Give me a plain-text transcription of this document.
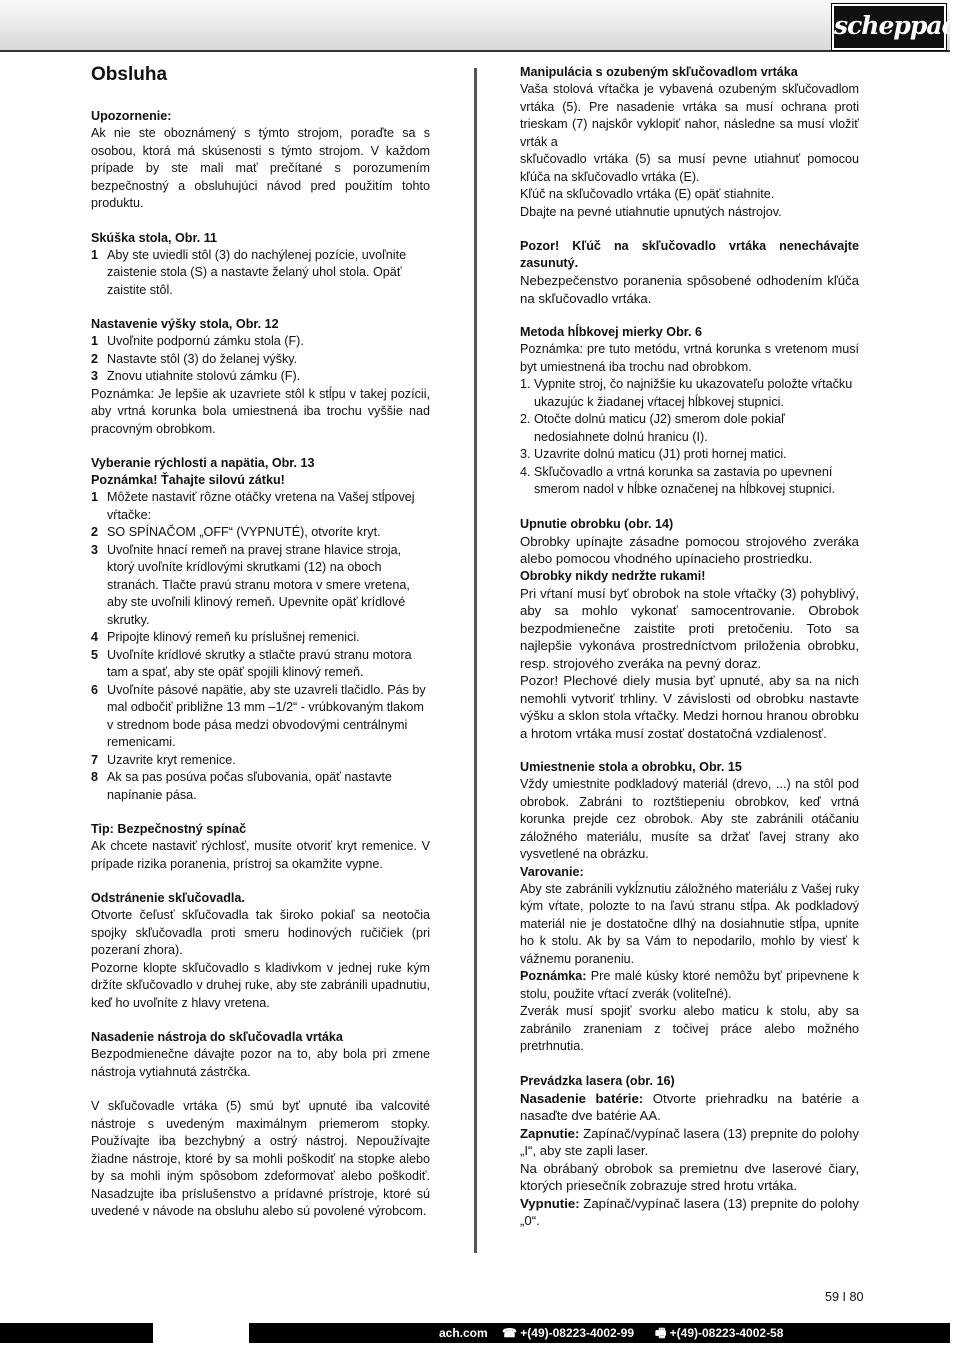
scheppach
Obsluha
Upozornenie:

Ak nie ste oboznámený s týmto strojom, poraďte sa s osobou, ktorá má skúsenosti s týmto strojom. V každom prípade by ste mali mať prečítané s porozumením bezpečnostný a obsluhujúci návod pred použitím tohto produktu.

Skúška stola, Obr. 11
1 Aby ste uviedli stôl (3) do nachýlenej pozície, uvoľnite zaistenie stola (S) a nastavte želaný uhol stola. Opäť zaistite stôl.
Nastavenie výšky stola, Obr. 12
1 Uvoľnite podpornú zámku stola (F).
2 Nastavte stôl (3) do želanej výšky.
3 Znovu utiahnite stolovú zámku (F).

Poznámka: Je lepšie ak uzavriete stôl k stĺpu v takej pozícii, aby vrtná korunka bola umiestnená iba trochu vyššie nad pracovným obrobkom.

Vyberanie rýchlosti a napätia, Obr. 13
Poznámka! Ťahajte silovú zátku!
1 Môžete nastaviť rôzne otáčky vretena na Vašej stĺpovej vŕtačke:
2 SO SPÍNAČOM „OFF“ (VYPNUTÉ), otvoríte kryt.
3 Uvoľnite hnací remeň na pravej strane hlavice stroja, ktorý uvoľníte krídlovými skrutkami (12) na oboch stranách. Tlačte pravú stranu motora v smere vretena, aby ste uvoľnili klinový remeň. Upevnite opäť krídlové skrutky.
4 Pripojte klinový remeň ku príslušnej remenici.
5 Uvoľníte krídlové skrutky a stlačte pravú stranu motora tam a spať, aby ste opäť spojili klinový remeň.
6 Uvoľníte pásové napätie, aby ste uzavreli tlačidlo. Pás by mal odbočiť približne 13 mm –1/2“ - vrúbkovaným tlakom v strednom bode pása medzi obvodovými centrálnymi remenicami.
7 Uzavrite kryt remenice.
8 Ak sa pas posúva počas sľubovania, opäť nastavte napínanie pása.
Tip: Bezpečnostný spínač

Ak chcete nastaviť rýchlosť, musíte otvoriť kryt remenice. V prípade rizika poranenia, prístroj sa okamžite vypne.

Odstránenie skľučovadla.

Otvorte čeľusť skľučovadla tak široko pokiaľ sa neotočia spojky skľučovadla proti smeru hodinových ručičiek (pri pozeraní zhora).

Pozorne klopte skľučovadlo s kladivkom v jednej ruke kým držíte skľučovadlo v druhej ruke, aby ste zabránili upadnutiu, keď ho uvoľníte z hlavy vretena.

Nasadenie nástroja do skľučovadla vrtáka

Bezpodmienečne dávajte pozor na to, aby bola pri zmene nástroja vytiahnutá zástrčka.

V skľučovadle vrtáka (5) smú byť upnuté iba valcovité nástroje s uvedeným maximálnym priemerom stopky. Používajte iba bezchybný a ostrý nástroj. Nepoužívajte žiadne nástroje, ktoré by sa mohli poškodiť na stopke alebo by sa mohli iným spôsobom zdeformovať alebo poškodiť. Nasadzujte iba príslušenstvo a prídavné prístroje, ktoré sú uvedené v návode na obsluhu alebo sú povolené výrobcom.

Manipulácia s ozubeným skľučovadlom vrtáka

Vaša stolová vŕtačka je vybavená ozubeným skľučovadlom vrtáka (5). Pre nasadenie vrtáka sa musí ochrana proti trieskam (7) najskôr vyklopiť nahor, následne sa musí vložiť vrták a

skľučovadlo vrtáka (5) sa musí pevne utiahnuť pomocou kľúča na skľučovadlo vrtáka (E).

Kľúč na skľučovadlo vrtáka (E) opäť stiahnite.

Dbajte na pevné utiahnutie upnutých nástrojov.

Pozor! Kľúč na skľučovadlo vrtáka nenechávajte zasunutý.

Nebezpečenstvo poranenia spôsobené odhodením kľúča na skľučovadlo vrtáka.

Metoda hĺbkovej mierky Obr. 6

Poznámka: pre tuto metódu, vrtná korunka s vretenom musí byt umiestnená iba trochu nad obrobkom.

1. Vypnite stroj, čo najnižšie ku ukazovateľu položte vŕtačku ukazujúc k žiadanej vŕtacej hĺbkovej stupnici.
2. Otočte dolnú maticu (J2) smerom dole pokiaľ nedosiahnete dolnú hranicu (I).
3. Uzavrite dolnú maticu (J1) proti hornej matici.
4. Skľučovadlo a vrtná korunka sa zastavia po upevnení smerom nadol v hĺbke označenej na hĺbkovej stupnici.
Upnutie obrobku (obr. 14)

Obrobky upínajte zásadne pomocou strojového zveráka alebo pomocou vhodného upínacieho prostriedku.

Obrobky nikdy nedržte rukami!

Pri vŕtaní musí byť obrobok na stole vŕtačky (3) pohyblivý, aby sa mohlo vykonať samocentrovanie. Obrobok bezpodmienečne zaistite proti pretočeniu. Toto sa najlepšie vykonáva prostredníctvom priloženia obrobku, resp. strojového zveráka na pevný doraz.

Pozor! Plechové diely musia byť upnuté, aby sa na nich nemohli vytvoriť trhliny. V závislosti od obrobku nastavte výšku a sklon stola vŕtačky. Medzi hornou hranou obrobku a hrotom vrtáka musí zostať dostatočná vzdialenosť.

Umiestnenie stola a obrobku, Obr. 15

Vždy umiestnite podkladový materiál (drevo, ...) na stôl pod obrobok. Zabráni to roztštiepeniu obrobkov, keď vrtná korunka prejde cez obrobok. Aby ste zabránili otáčaniu záložného materiálu, musíte sa držať ľavej strany ako vysvetlené na obrázku.

Varovanie:

Aby ste zabránili vykĺznutiu záložného materiálu z Vašej ruky kým vŕtate, polozte to na ľavú stranu stĺpa. Ak podkladový materiál nie je dostatočne dlhý na dosiahnutie stĺpa, upnite ho k stolu. Ak by sa Vám to nepodarilo, mohlo by viesť k vážnemu poraneniu.

Poznámka: Pre malé kúsky ktoré nemôžu byť pripevnene k stolu, použite vŕtací zverák (voliteľné).

Zverák musí spojiť svorku alebo maticu k stolu, aby sa zabránilo zraneniam z točivej práce alebo možného pretrhnutia.

Prevádzka lasera (obr. 16)

Nasadenie batérie: Otvorte priehradku na batérie a nasaďte dve batérie AA.

Zapnutie: Zapínač/vypínač lasera (13) prepnite do polohy „I“, aby ste zapli laser.

Na obrábaný obrobok sa premietnu dve laserové čiary, ktorých priesečník zobrazuje stred hrotu vrtáka.

Vypnutie: Zapínač/vypínač lasera (13) prepnite do polohy „0“.

59 I 80
ach.com ☎ +(49)-08223-4002-99 🖷 +(49)-08223-4002-58
